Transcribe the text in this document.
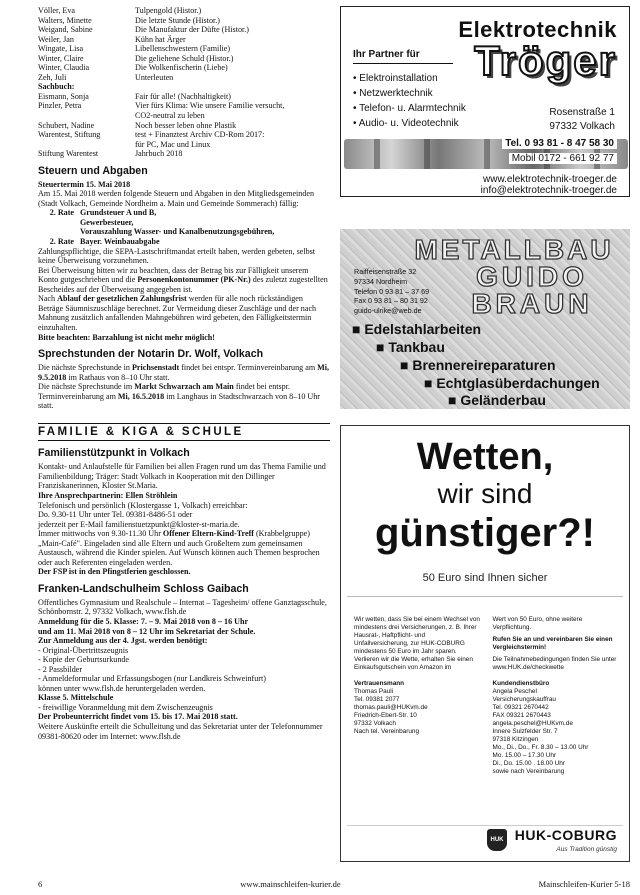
Völler, Eva	Tulpengold (Histor.)
Walters, Minette	Die letzte Stunde (Histor.)
Weigand, Sabine	Die Manufaktur der Düfte (Histor.)
Weiler, Jan	Kühn hat Ärger
Wingate, Lisa	Libellenschwestern (Familie)
Winter, Claire	Die geliehene Schuld (Histor.)
Winter, Claudia	Die Wolkenfischerin (Liebe)
Zeh, Juli	Unterleuten
Sachbuch:
Eismann, Sonja	Fair für alle! (Nachhaltigkeit)
Pinzler, Petra	Vier fürs Klima: Wie unsere Familie versucht,
CO2-neutral zu leben
Schubert, Nadine	Noch besser leben ohne Plastik
Warentest, Stiftung	test + Finanztest Archiv CD-Rom 2017:
für PC, Mac und Linux
Stiftung Warentest	Jahrbuch 2018
Steuern und Abgaben

Steuertermin 15. Mai 2018

Am 15. Mai 2018 werden folgende Steuern und Abgaben in den Mitgliedsgemeinden (Stadt Volkach, Gemeinde Nordheim a. Main und Gemeinde Sommerach) fällig:

2. Rate Grundsteuer A und B,
Gewerbesteuer,
Vorauszahlung Wasser- und Kanalbenutzungsgebühren,
2. Rate Bayer. Weinbauabgabe

Zahlungspflichtige, die SEPA-Lastschriftmandat erteilt haben, werden gebeten, selbst keine Überweisung vorzunehmen.

Bei Überweisung bitten wir zu beachten, dass der Betrag bis zur Fälligkeit unserem Konto gutgeschrieben und die Personenkontonummer (PK-Nr.) des zuletzt zugestellten Bescheides auf der Überweisung angegeben ist.

Nach Ablauf der gesetzlichen Zahlungsfrist werden für alle noch rückständigen Beträge Säumniszuschläge berechnet. Zur Vermeidung dieser Zuschläge und der nach Mahnung zusätzlich anfallenden Mahngebühren wird gebeten, den Fälligkeitstermin einzuhalten.

Bitte beachten: Barzahlung ist nicht mehr möglich!

Sprechstunden der Notarin Dr. Wolf, Volkach

Die nächste Sprechstunde in Prichsenstadt findet bei entspr. Terminvereinbarung am Mi, 9.5.2018 im Rathaus von 8–10 Uhr statt.

Die nächste Sprechstunde im Markt Schwarzach am Main findet bei entspr. Terminvereinbarung am Mi, 16.5.2018 im Langhaus in Stadtschwarzach von 8–10 Uhr statt.

FAMILIE & KIGA & SCHULE
Familienstützpunkt in Volkach

Kontakt- und Anlaufstelle für Familien bei allen Fragen rund um das Thema Familie und Familienbildung; Träger: Stadt Volkach in Kooperation mit den Dillinger Franziskanerinnen, Kloster St.Maria.

Ihre Ansprechpartnerin: Ellen Ströhlein

Telefonisch und persönlich (Klostergasse 1, Volkach) erreichbar:

Do. 9.30-11 Uhr unter Tel. 09381-8486-51 oder

jederzeit per E-Mail familienstuetzpunkt@kloster-st-maria.de.

Immer mittwochs von 9.30-11.30 Uhr Offener Eltern-Kind-Treff (Krabbelgruppe) „Main-Café". Eingeladen sind alle Eltern und auch Großeltern zum gemeinsamen Austausch, während die Kinder spielen. Auf Wunsch können auch Themen besprochen oder auch Referenten eingeladen werden.

Der FSP ist in den Pfingstferien geschlossen.

Franken-Landschulheim Schloss Gaibach

Offentliches Gymnasium und Realschule – Internat – Tagesheim/ offene Ganztagsschule, Schönbornstr. 2, 97332 Volkach, www.flsh.de

Anmeldung für die 5. Klasse: 7. – 9. Mai 2018 von 8 – 16 Uhr

und am 11. Mai 2018 von 8 – 12 Uhr im Sekretariat der Schule.

Zur Anmeldung aus der 4. Jgst. werden benötigt:

- Original-Übertrittszeugnis

- Kopie der Geburtsurkunde

- 2 Passbilder

- Anmeldeformular und Erfassungsbogen (nur Landkreis Schweinfurt)

können unter www.flsh.de heruntergeladen werden.

Klasse 5. Mittelschule

- freiwillige Voranmeldung mit dem Zwischenzeugnis

Der Probeunterricht findet vom 15. bis 17. Mai 2018 statt.

Weitere Auskünfte erteilt die Schulleitung und das Sekretariat unter der Telefonnummer 09381-80620 oder im Internet: www.flsh.de

Elektrotechnik
Tröger
Ihr Partner für
• Elektroinstallation
• Netzwerktechnik
• Telefon- u. Alarmtechnik
• Audio- u. Videotechnik
Rosenstraße 1
97332 Volkach
Tel. 0 93 81 - 8 47 58 30
Mobil 0172 - 661 92 77
www.elektrotechnik-troeger.de
info@elektrotechnik-troeger.de
METALLBAU
GUIDO
BRAUN
Raiffeisenstraße 32
97334 Nordheim
Telefon 0 93 81 – 37 69
Fax 0 93 81 – 80 31 92
guido-ulrike@web.de
■ Edelstahlarbeiten
■ Tankbau
■ Brennereireparaturen
■ Echtglasüberdachungen
■ Geländerbau
Wetten,
wir sind
günstiger?!
50 Euro sind Ihnen sicher
Wir wetten, dass Sie bei einem Wechsel von mindestens drei Versicherungen, z. B. Ihrer Hausrat-, Haftpflicht- und Unfallversicherung, zur HUK-COBURG mindestens 50 Euro im Jahr sparen. Verlieren wir die Wette, erhalten Sie einen Einkaufsgutschein von Amazon im
Vertrauensmann
Thomas Pauli
Tel. 09381 2077
thomas.pauli@HUKvm.de
Friedrich-Ebert-Str. 10
97332 Volkach
Nach tel. Vereinbarung
Wert von 50 Euro, ohne weitere Verpflichtung.
Rufen Sie an und vereinbaren Sie einen Vergleichstermin!
Die Teilnahmebedingungen finden Sie unter www.HUK.de/checkwette
Kundendienstbüro
Angela Peschel
Versicherungskauffrau
Tel. 09321 2670442
FAX 09321 2670443
angela.peschel@HUKvm.de
Innere Sulzfelder Str. 7
97318 Kitzingen
Mo., Di., Do., Fr. 8.30 – 13.00 Uhr
Mo. 15.00 – 17.30 Uhr
Di., Do. 15.00 . 18.00 Uhr
sowie nach Vereinbarung
HUK HUK-COBURG
Aus Tradition günstig
6	www.mainschleifen-kurier.de	Mainschleifen-Kurier 5-18
